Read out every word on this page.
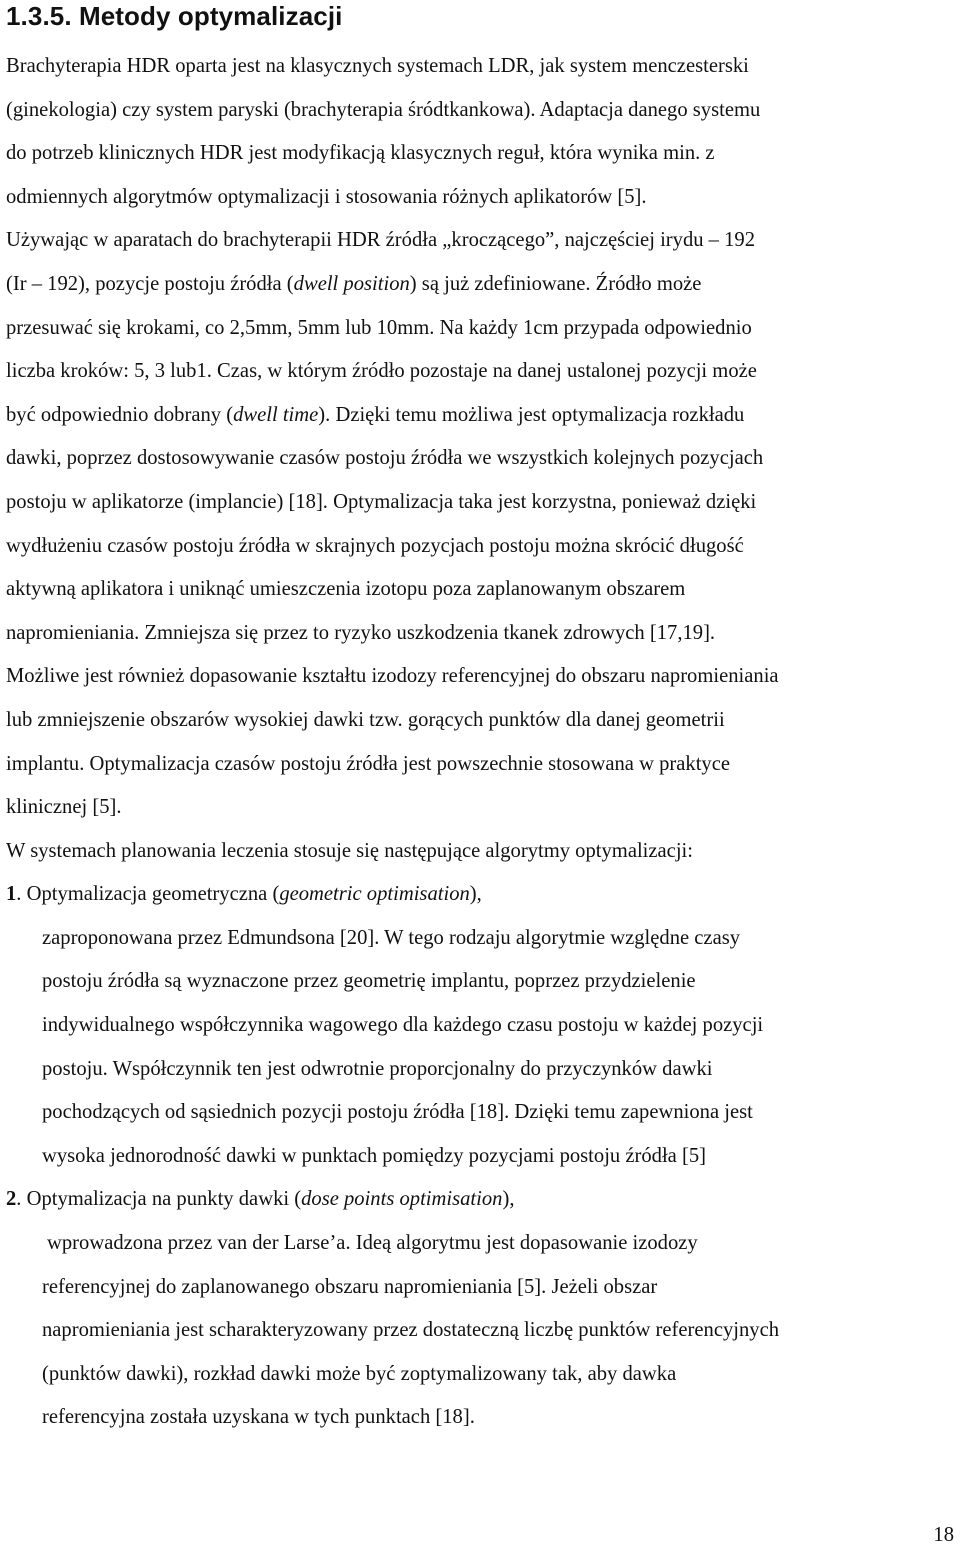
1.3.5. Metody optymalizacji
Brachyterapia HDR oparta jest na klasycznych systemach LDR, jak system menczesterski
(ginekologia) czy system paryski (brachyterapia śródtkankowa). Adaptacja danego systemu
do potrzeb klinicznych HDR jest modyfikacją klasycznych reguł, która wynika min. z
odmiennych algorytmów optymalizacji i stosowania różnych aplikatorów [5].
Używając w aparatach do brachyterapii HDR źródła „kroczącego”, najczęściej irydu – 192
(Ir – 192), pozycje postoju źródła (dwell position) są już zdefiniowane. Źródło może
przesuwać się krokami, co 2,5mm, 5mm lub 10mm. Na każdy 1cm przypada odpowiednio
liczba kroków: 5, 3 lub1. Czas, w którym źródło pozostaje na danej ustalonej pozycji może
być odpowiednio dobrany (dwell time). Dzięki temu możliwa jest optymalizacja rozkładu
dawki, poprzez dostosowywanie czasów postoju źródła we wszystkich kolejnych pozycjach
postoju w aplikatorze (implancie) [18]. Optymalizacja taka jest korzystna, ponieważ dzięki
wydłużeniu czasów postoju źródła w skrajnych pozycjach postoju można skrócić długość
aktywną aplikatora i uniknąć umieszczenia izotopu poza zaplanowanym obszarem
napromieniania. Zmniejsza się przez to ryzyko uszkodzenia tkanek zdrowych [17,19].
Możliwe jest również dopasowanie kształtu izodozy referencyjnej do obszaru napromieniania
lub zmniejszenie obszarów wysokiej dawki tzw. gorących punktów dla danej geometrii
implantu. Optymalizacja czasów postoju źródła jest powszechnie stosowana w praktyce
klinicznej [5].
W systemach planowania leczenia stosuje się następujące algorytmy optymalizacji:
1. Optymalizacja geometryczna (geometric optimisation),
zaproponowana przez Edmundsona [20]. W tego rodzaju algorytmie względne czasy
postoju źródła są wyznaczone przez geometrię implantu, poprzez przydzielenie
indywidualnego współczynnika wagowego dla każdego czasu postoju w każdej pozycji
postoju. Współczynnik ten jest odwrotnie proporcjonalny do przyczynków dawki
pochodzących od sąsiednich pozycji postoju źródła [18]. Dzięki temu zapewniona jest
wysoka jednorodność dawki w punktach pomiędzy pozycjami postoju źródła [5]
2. Optymalizacja na punkty dawki (dose points optimisation),
wprowadzona przez van der Larse’a. Ideą algorytmu jest dopasowanie izodozy
referencyjnej do zaplanowanego obszaru napromieniania [5]. Jeżeli obszar
napromieniania jest scharakteryzowany przez dostateczną liczbę punktów referencyjnych
(punktów dawki), rozkład dawki może być zoptymalizowany tak, aby dawka
referencyjna została uzyskana w tych punktach [18].
18
